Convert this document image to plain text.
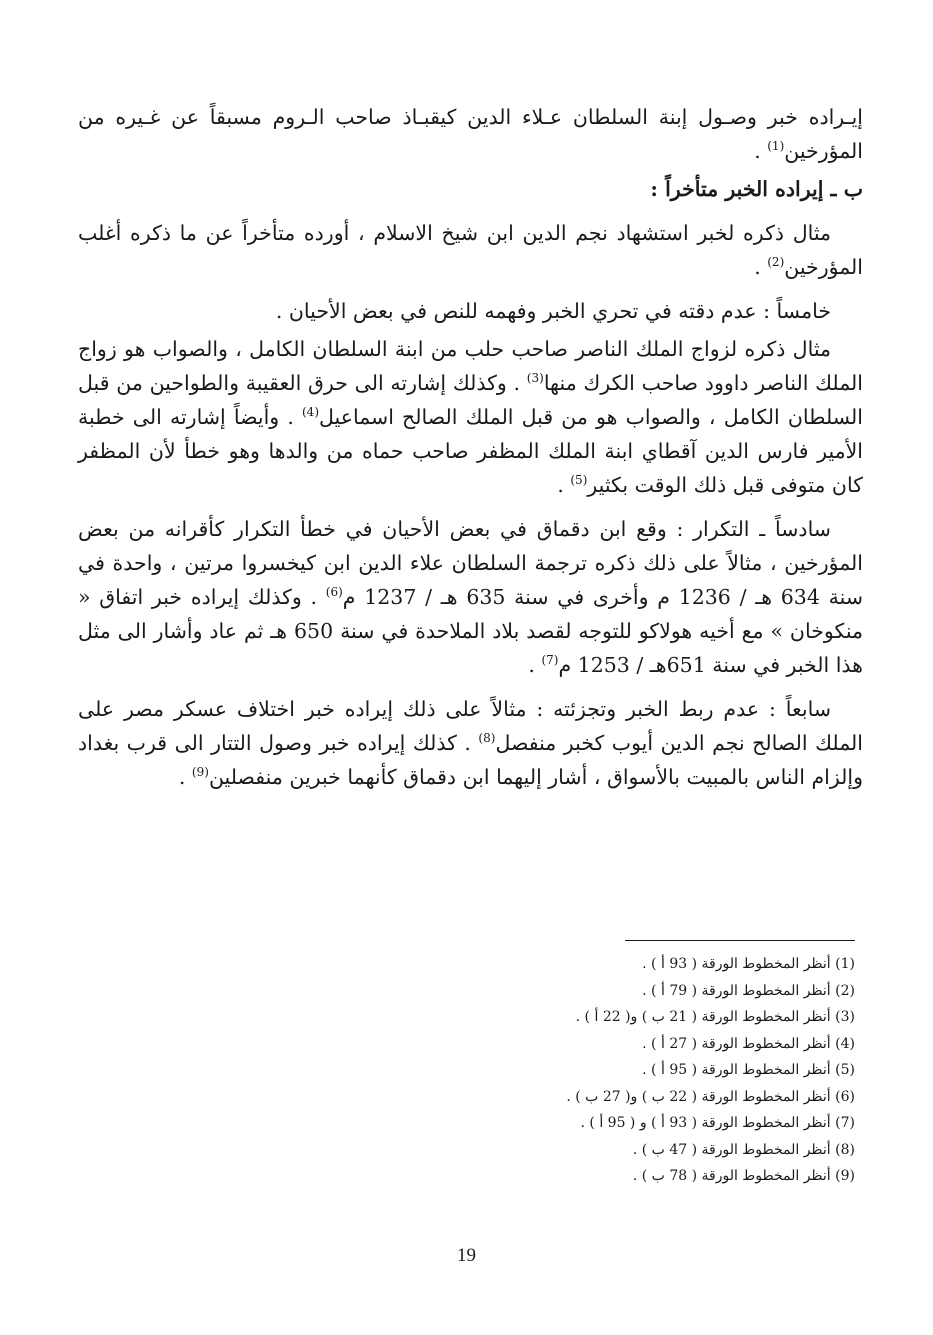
إيـراده خبر وصـول إبنة السلطان عـلاء الدين كيقبـاذ صاحب الـروم مسبقاً عن غـيره من المؤرخين$^{(1)}$ .

ب ـ إيراده الخبر متأخراً :

مثال ذكره لخبر استشهاد نجم الدين ابن شيخ الاسلام ، أورده متأخراً عن ما ذكره أغلب المؤرخين$^{(2)}$ .

خامساً : عدم دقته في تحري الخبر وفهمه للنص في بعض الأحيان .

مثال ذكره لزواج الملك الناصر صاحب حلب من ابنة السلطان الكامل ، والصواب هو زواج الملك الناصر داوود صاحب الكرك منها$^{(3)}$ . وكذلك إشارته الى حرق العقيبة والطواحين من قبل السلطان الكامل ، والصواب هو من قبل الملك الصالح اسماعيل$^{(4)}$ . وأيضاً إشارته الى خطبة الأمير فارس الدين آقطاي ابنة الملك المظفر صاحب حماه من والدها وهو خطأ لأن المظفر كان متوفى قبل ذلك الوقت بكثير$^{(5)}$ .

سادساً ـ التكرار : وقع ابن دقماق في بعض الأحيان في خطأ التكرار كأقرانه من بعض المؤرخين ، مثالاً على ذلك ذكره ترجمة السلطان علاء الدين ابن كيخسروا مرتين ، واحدة في سنة 634 هـ / 1236 م وأخرى في سنة 635 هـ / 1237 م$^{(6)}$ . وكذلك إيراده خبر اتفاق « منكوخان » مع أخيه هولاكو للتوجه لقصد بلاد الملاحدة في سنة 650 هـ ثم عاد وأشار الى مثل هذا الخبر في سنة 651هـ / 1253 م$^{(7)}$ .

سابعاً : عدم ربط الخبر وتجزئته : مثالاً على ذلك إيراده خبر اختلاف عسكر مصر على الملك الصالح نجم الدين أيوب كخبر منفصل$^{(8)}$ . كذلك إيراده خبر وصول التتار الى قرب بغداد وإلزام الناس بالمبيت بالأسواق ، أشار إليهما ابن دقماق كأنهما خبرين منفصلين$^{(9)}$ .

(1) أنظر المخطوط الورقة ( 93 أ ) .
(2) أنظر المخطوط الورقة ( 79 أ ) .
(3) أنظر المخطوط الورقة ( 21 ب ) و( 22 أ ) .
(4) أنظر المخطوط الورقة ( 27 أ ) .
(5) أنظر المخطوط الورقة ( 95 أ ) .
(6) أنظر المخطوط الورقة ( 22 ب ) و( 27 ب ) .
(7) أنظر المخطوط الورقة ( 93 أ ) و ( 95 أ ) .
(8) أنظر المخطوط الورقة ( 47 ب ) .
(9) أنظر المخطوط الورقة ( 78 ب ) .
19
